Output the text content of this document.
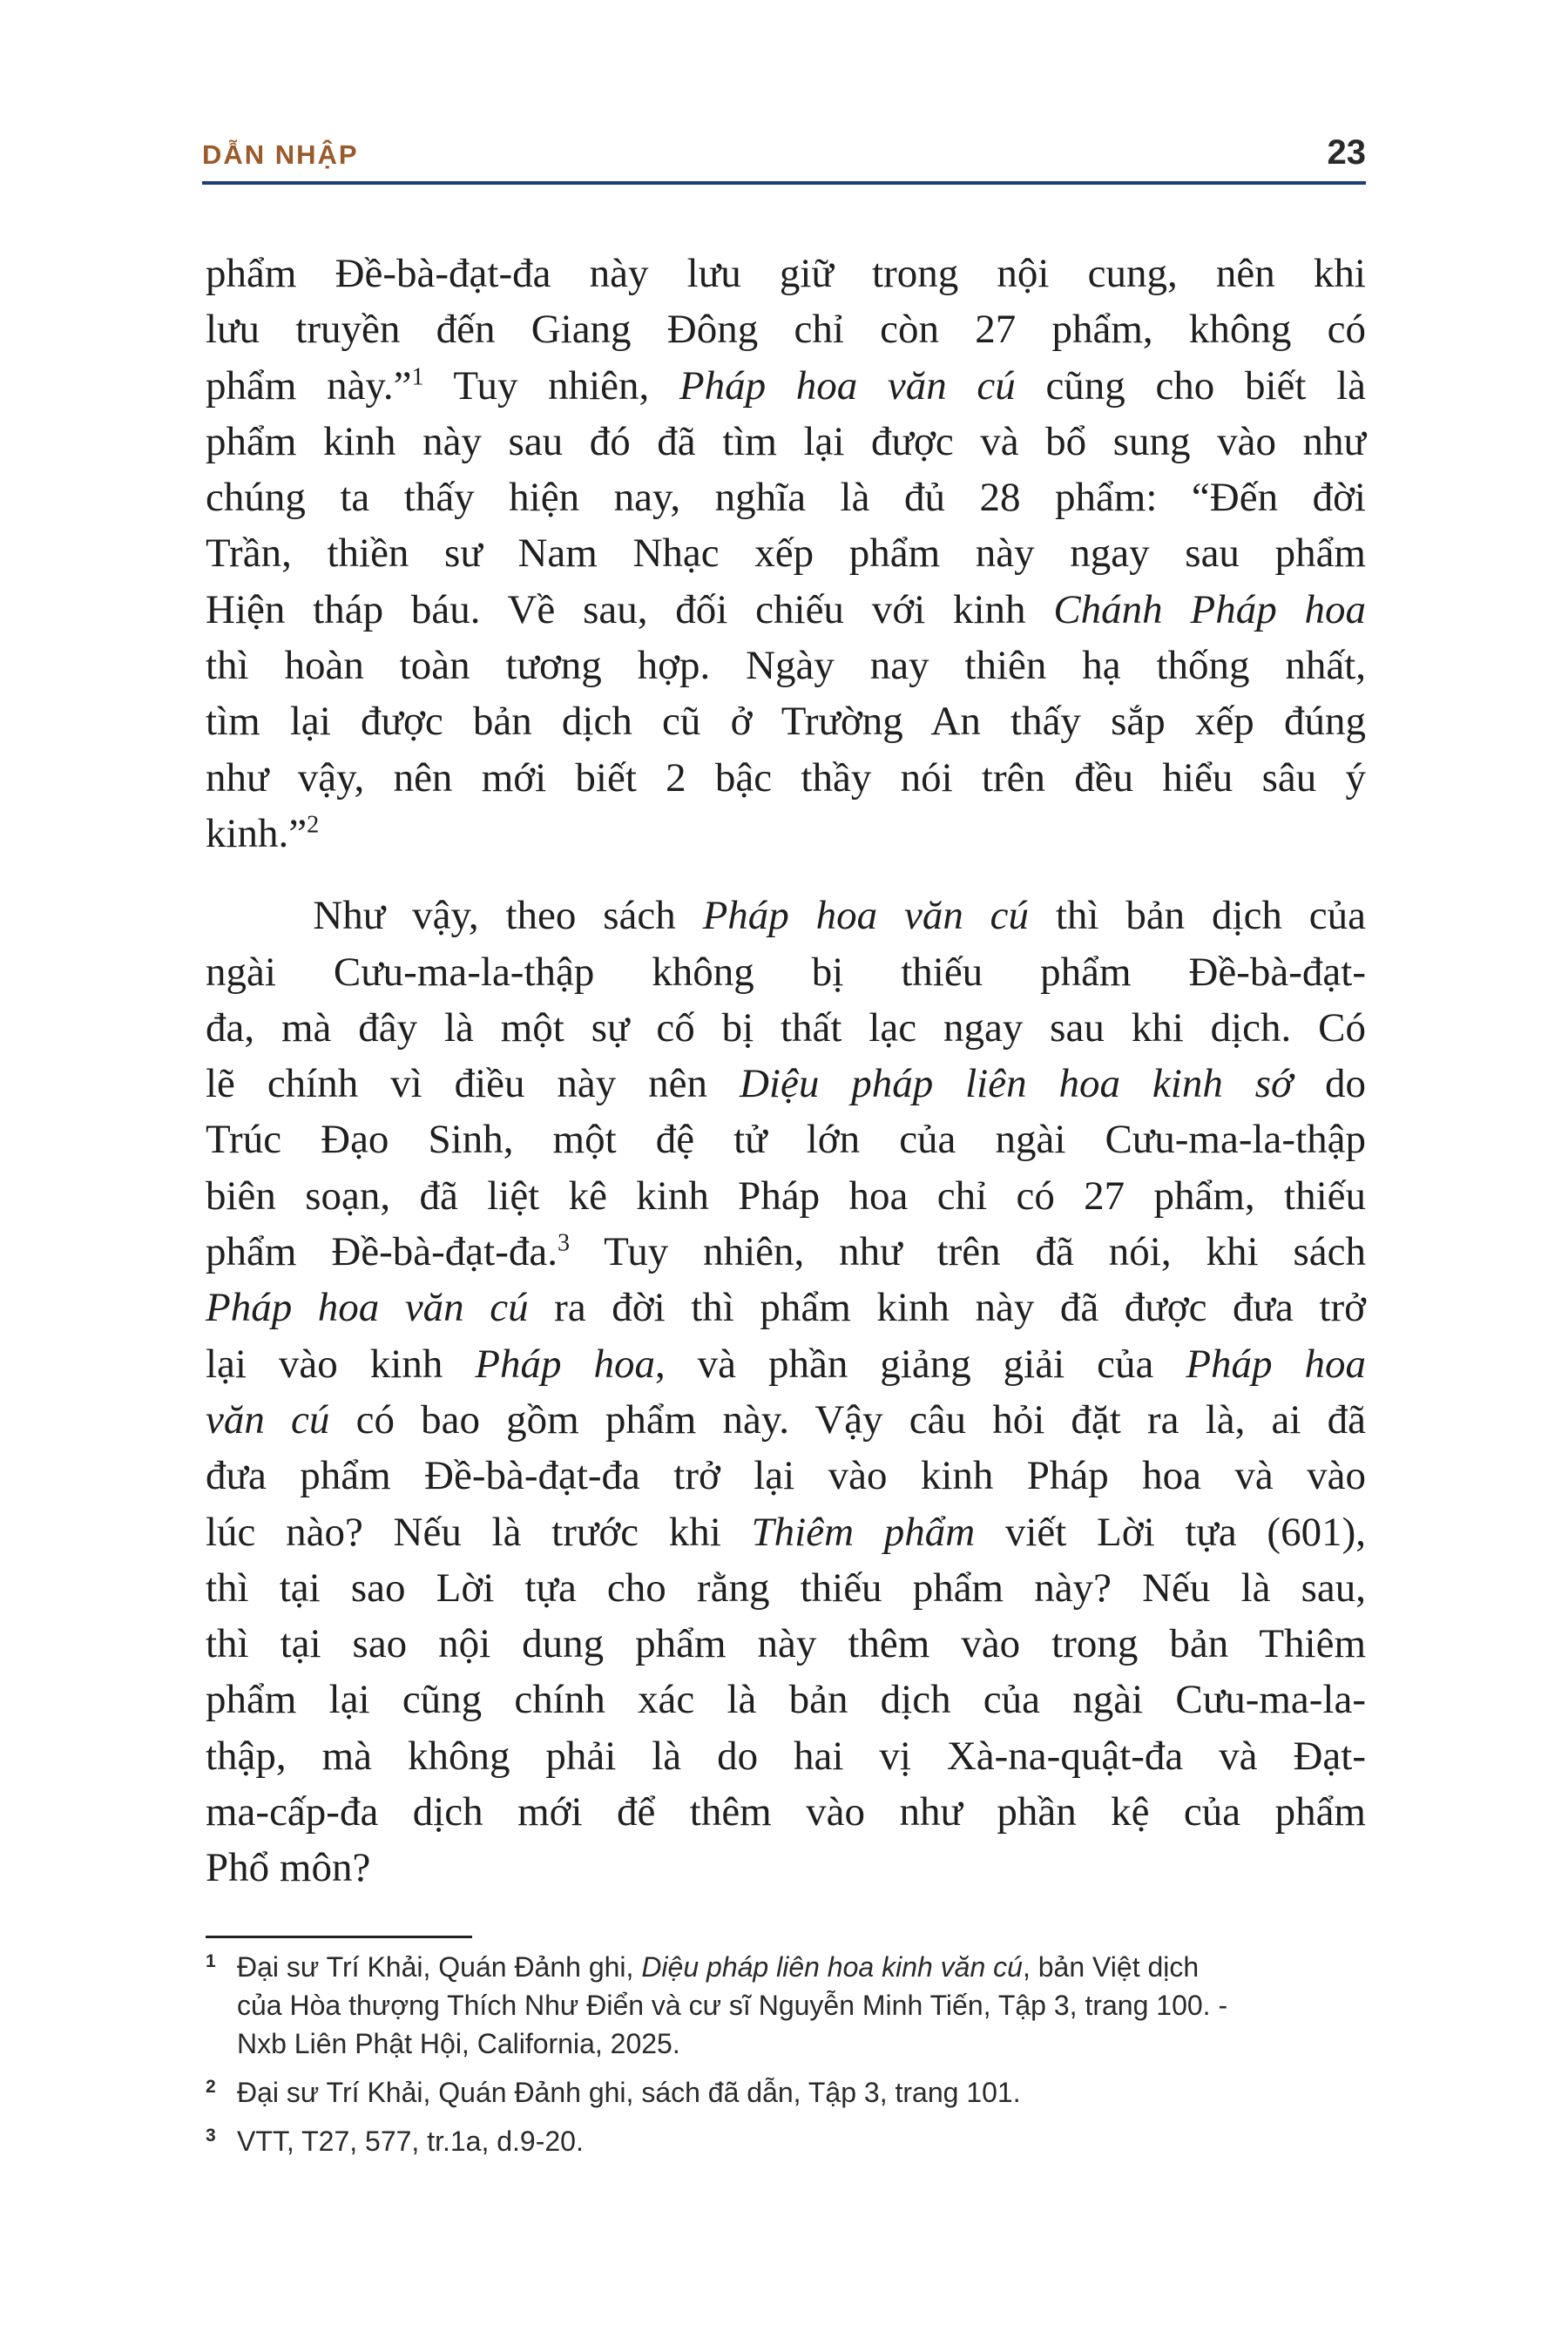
DẪN NHẬP	23

phẩm Đề-bà-đạt-đa này lưu giữ trong nội cung, nên khi
lưu truyền đến Giang Đông chỉ còn 27 phẩm, không có
phẩm này.”$^1$ Tuy nhiên, Pháp hoa văn cú cũng cho biết là
phẩm kinh này sau đó đã tìm lại được và bổ sung vào như
chúng ta thấy hiện nay, nghĩa là đủ 28 phẩm: “Đến đời
Trần, thiền sư Nam Nhạc xếp phẩm này ngay sau phẩm
Hiện tháp báu. Về sau, đối chiếu với kinh Chánh Pháp hoa
thì hoàn toàn tương hợp. Ngày nay thiên hạ thống nhất,
tìm lại được bản dịch cũ ở Trường An thấy sắp xếp đúng
như vậy, nên mới biết 2 bậc thầy nói trên đều hiểu sâu ý
kinh.”$^2$

Như vậy, theo sách Pháp hoa văn cú thì bản dịch của
ngài Cưu-ma-la-thập không bị thiếu phẩm Đề-bà-đạt-
đa, mà đây là một sự cố bị thất lạc ngay sau khi dịch. Có
lẽ chính vì điều này nên Diệu pháp liên hoa kinh sớ do
Trúc Đạo Sinh, một đệ tử lớn của ngài Cưu-ma-la-thập
biên soạn, đã liệt kê kinh Pháp hoa chỉ có 27 phẩm, thiếu
phẩm Đề-bà-đạt-đa.$^3$ Tuy nhiên, như trên đã nói, khi sách
Pháp hoa văn cú ra đời thì phẩm kinh này đã được đưa trở
lại vào kinh Pháp hoa, và phần giảng giải của Pháp hoa
văn cú có bao gồm phẩm này. Vậy câu hỏi đặt ra là, ai đã
đưa phẩm Đề-bà-đạt-đa trở lại vào kinh Pháp hoa và vào
lúc nào? Nếu là trước khi Thiêm phẩm viết Lời tựa (601),
thì tại sao Lời tựa cho rằng thiếu phẩm này? Nếu là sau,
thì tại sao nội dung phẩm này thêm vào trong bản Thiêm
phẩm lại cũng chính xác là bản dịch của ngài Cưu-ma-la-
thập, mà không phải là do hai vị Xà-na-quật-đa và Đạt-
ma-cấp-đa dịch mới để thêm vào như phần kệ của phẩm
Phổ môn?

1 Đại sư Trí Khải, Quán Đảnh ghi, Diệu pháp liên hoa kinh văn cú, bản Việt dịch
của Hòa thượng Thích Như Điển và cư sĩ Nguyễn Minh Tiến, Tập 3, trang 100. -
Nxb Liên Phật Hội, California, 2025.
2 Đại sư Trí Khải, Quán Đảnh ghi, sách đã dẫn, Tập 3, trang 101.
3 VTT, T27, 577, tr.1a, d.9-20.
